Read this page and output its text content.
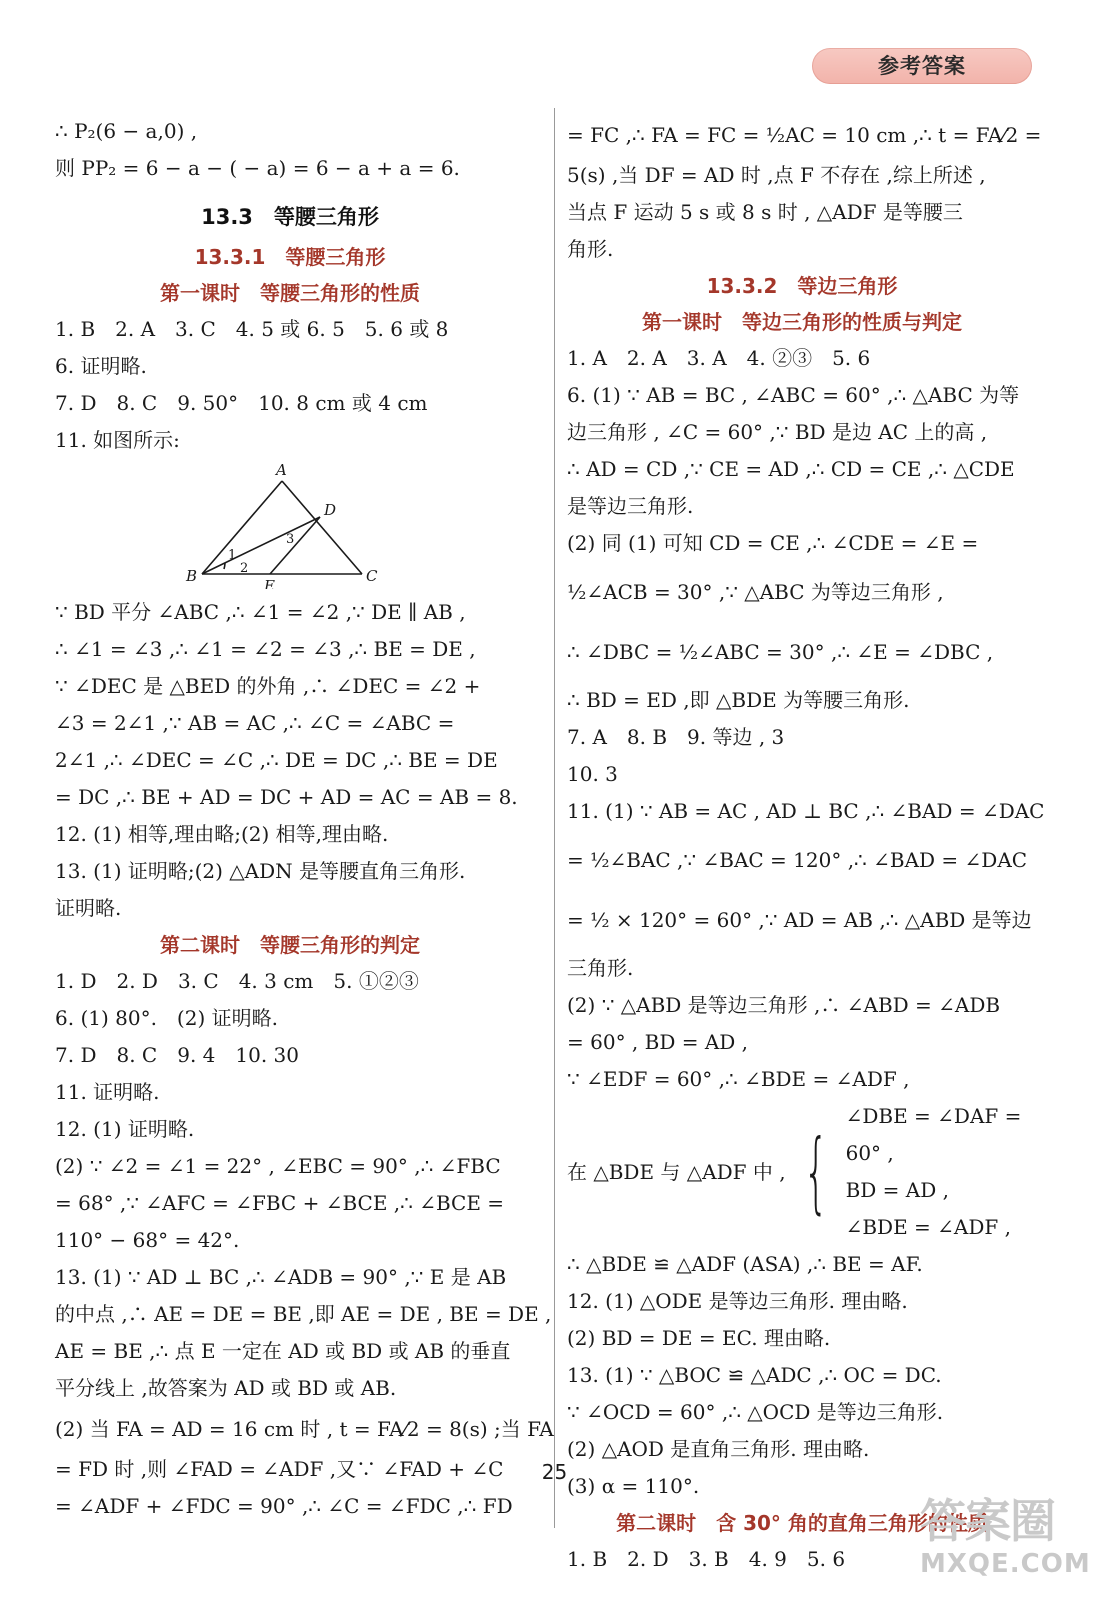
参考答案
∴ P₂(6 − a,0) ,
则 PP₂ = 6 − a − ( − a) = 6 − a + a = 6.
13.3　等腰三角形
13.3.1　等腰三角形
第一课时　等腰三角形的性质
1. B　2. A　3. C　4. 5 或 6. 5　5. 6 或 8
6. 证明略.
7. D　8. C　9. 50°　10. 8 cm 或 4 cm
11. 如图所示:
A
D
B
E
C
1
2
3
∵ BD 平分 ∠ABC ,∴ ∠1 = ∠2 ,∵ DE ∥ AB ,
∴ ∠1 = ∠3 ,∴ ∠1 = ∠2 = ∠3 ,∴ BE = DE ,
∵ ∠DEC 是 △BED 的外角 ,∴ ∠DEC = ∠2 +
∠3 = 2∠1 ,∵ AB = AC ,∴ ∠C = ∠ABC =
2∠1 ,∴ ∠DEC = ∠C ,∴ DE = DC ,∴ BE = DE
= DC ,∴ BE + AD = DC + AD = AC = AB = 8.
12. (1) 相等,理由略;(2) 相等,理由略.
13. (1) 证明略;(2) △ADN 是等腰直角三角形.
证明略.
第二课时　等腰三角形的判定
1. D　2. D　3. C　4. 3 cm　5. ①②③
6. (1) 80°.　(2) 证明略.
7. D　8. C　9. 4　10. 30
11. 证明略.
12. (1) 证明略.
(2) ∵ ∠2 = ∠1 = 22° , ∠EBC = 90° ,∴ ∠FBC
= 68° ,∵ ∠AFC = ∠FBC + ∠BCE ,∴ ∠BCE =
110° − 68° = 42°.
13. (1) ∵ AD ⊥ BC ,∴ ∠ADB = 90° ,∵ E 是 AB
的中点 ,∴ AE = DE = BE ,即 AE = DE , BE = DE ,
AE = BE ,∴ 点 E 一定在 AD 或 BD 或 AB 的垂直
平分线上 ,故答案为 AD 或 BD 或 AB.
(2) 当 FA = AD = 16 cm 时 , t = FA⁄2 = 8(s) ;当 FA
= FD 时 ,则 ∠FAD = ∠ADF ,又∵ ∠FAD + ∠C
= ∠ADF + ∠FDC = 90° ,∴ ∠C = ∠FDC ,∴ FD
= FC ,∴ FA = FC = ½AC = 10 cm ,∴ t = FA⁄2 =
5(s) ,当 DF = AD 时 ,点 F 不存在 ,综上所述 ,
当点 F 运动 5 s 或 8 s 时 , △ADF 是等腰三
角形.
13.3.2　等边三角形
第一课时　等边三角形的性质与判定
1. A　2. A　3. A　4. ②③　5. 6
6. (1) ∵ AB = BC , ∠ABC = 60° ,∴ △ABC 为等
边三角形 , ∠C = 60° ,∵ BD 是边 AC 上的高 ,
∴ AD = CD ,∵ CE = AD ,∴ CD = CE ,∴ △CDE
是等边三角形.
(2) 同 (1) 可知 CD = CE ,∴ ∠CDE = ∠E =
½∠ACB = 30° ,∵ △ABC 为等边三角形 ,
∴ ∠DBC = ½∠ABC = 30° ,∴ ∠E = ∠DBC ,
∴ BD = ED ,即 △BDE 为等腰三角形.
7. A　8. B　9. 等边 , 3
10. 3
11. (1) ∵ AB = AC , AD ⊥ BC ,∴ ∠BAD = ∠DAC
= ½∠BAC ,∵ ∠BAC = 120° ,∴ ∠BAD = ∠DAC
= ½ × 120° = 60° ,∵ AD = AB ,∴ △ABD 是等边
三角形.
(2) ∵ △ABD 是等边三角形 ,∴ ∠ABD = ∠ADB
= 60° , BD = AD ,
∵ ∠EDF = 60° ,∴ ∠BDE = ∠ADF ,
在 △BDE 与 △ADF 中 , {
∠DBE = ∠DAF = 60° ,
BD = AD ,
∠BDE = ∠ADF ,
∴ △BDE ≌ △ADF (ASA) ,∴ BE = AF.
12. (1) △ODE 是等边三角形. 理由略.
(2) BD = DE = EC. 理由略.
13. (1) ∵ △BOC ≌ △ADC ,∴ OC = DC.
∵ ∠OCD = 60° ,∴ △OCD 是等边三角形.
(2) △AOD 是直角三角形. 理由略.
(3) α = 110°.
第二课时　含 30° 角的直角三角形的性质
1. B　2. D　3. B　4. 9　5. 6
25
答案圈
MXQE.COM
